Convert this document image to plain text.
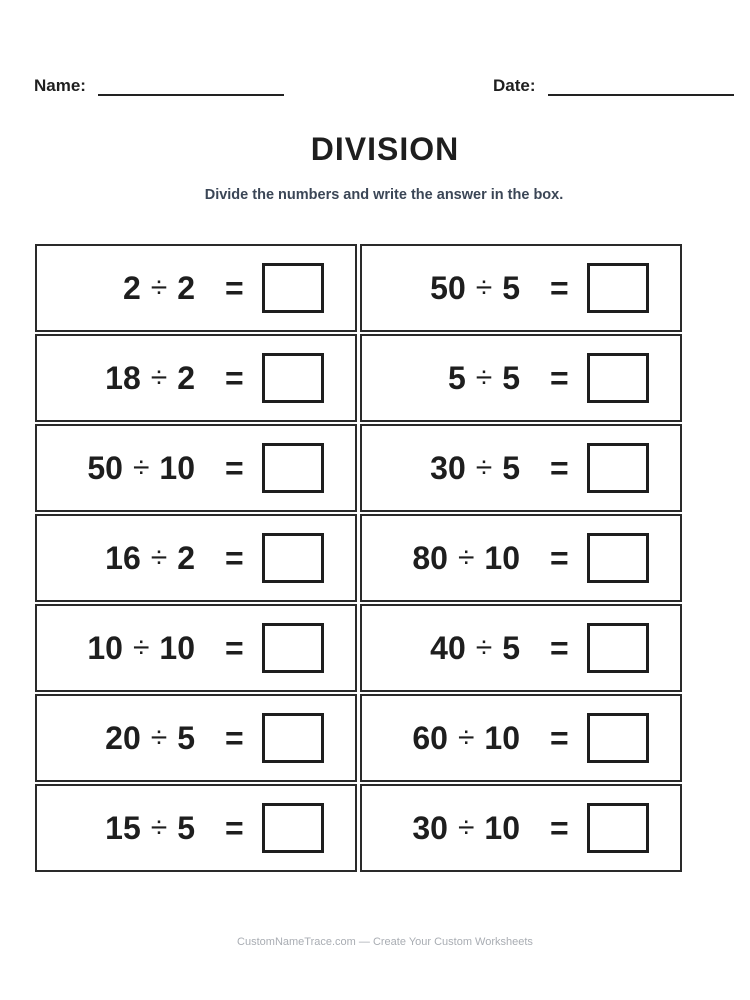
Name:	Date:
DIVISION
Divide the numbers and write the answer in the box.
2 ÷ 2 =	50 ÷ 5 =
18 ÷ 2 =	5 ÷ 5 =
50 ÷ 10 =	30 ÷ 5 =
16 ÷ 2 =	80 ÷ 10 =
10 ÷ 10 =	40 ÷ 5 =
20 ÷ 5 =	60 ÷ 10 =
15 ÷ 5 =	30 ÷ 10 =
CustomNameTrace.com — Create Your Custom Worksheets
